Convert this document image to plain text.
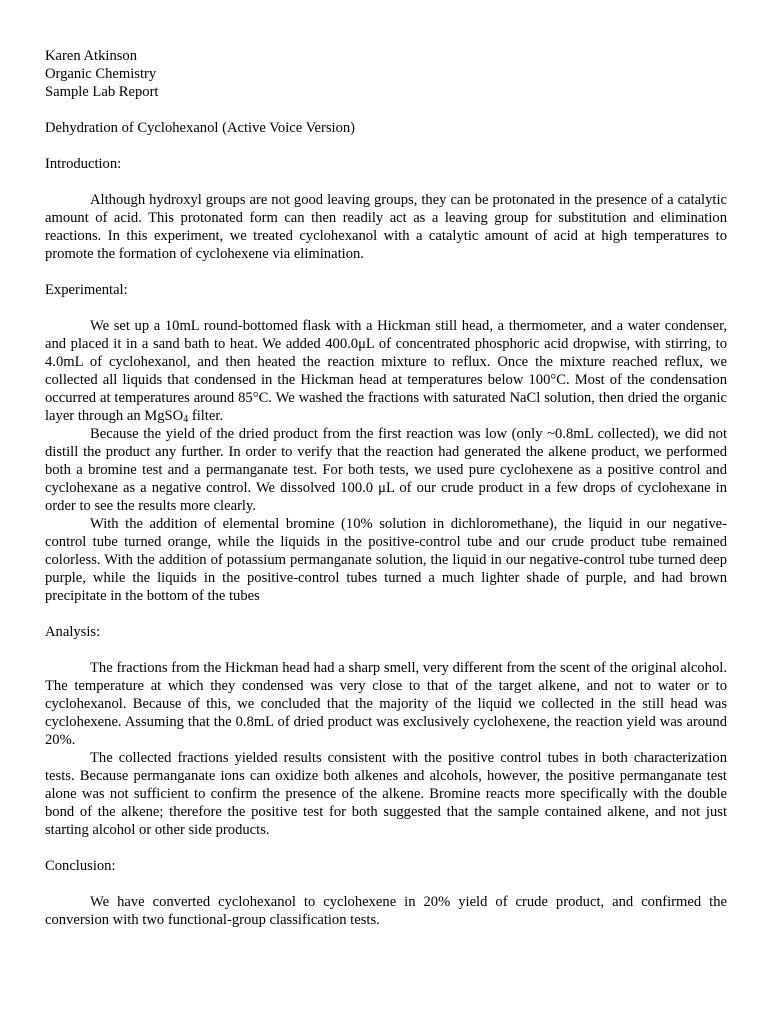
Karen Atkinson
Organic Chemistry
Sample Lab Report
Dehydration of Cyclohexanol (Active Voice Version)
Introduction:

Although hydroxyl groups are not good leaving groups, they can be protonated in the presence of a catalytic amount of acid. This protonated form can then readily act as a leaving group for substitution and elimination reactions. In this experiment, we treated cyclohexanol with a catalytic amount of acid at high temperatures to promote the formation of cyclohexene via elimination.

Experimental:

We set up a 10mL round-bottomed flask with a Hickman still head, a thermometer, and a water condenser, and placed it in a sand bath to heat. We added 400.0μL of concentrated phosphoric acid dropwise, with stirring, to 4.0mL of cyclohexanol, and then heated the reaction mixture to reflux. Once the mixture reached reflux, we collected all liquids that condensed in the Hickman head at temperatures below 100°C. Most of the condensation occurred at temperatures around 85°C. We washed the fractions with saturated NaCl solution, then dried the organic layer through an MgSO$_4$ filter.

Because the yield of the dried product from the first reaction was low (only ~0.8mL collected), we did not distill the product any further. In order to verify that the reaction had generated the alkene product, we performed both a bromine test and a permanganate test. For both tests, we used pure cyclohexene as a positive control and cyclohexane as a negative control. We dissolved 100.0 μL of our crude product in a few drops of cyclohexane in order to see the results more clearly.

With the addition of elemental bromine (10% solution in dichloromethane), the liquid in our negative-control tube turned orange, while the liquids in the positive-control tube and our crude product tube remained colorless. With the addition of potassium permanganate solution, the liquid in our negative-control tube turned deep purple, while the liquids in the positive-control tubes turned a much lighter shade of purple, and had brown precipitate in the bottom of the tubes

Analysis:

The fractions from the Hickman head had a sharp smell, very different from the scent of the original alcohol. The temperature at which they condensed was very close to that of the target alkene, and not to water or to cyclohexanol. Because of this, we concluded that the majority of the liquid we collected in the still head was cyclohexene. Assuming that the 0.8mL of dried product was exclusively cyclohexene, the reaction yield was around 20%.

The collected fractions yielded results consistent with the positive control tubes in both characterization tests. Because permanganate ions can oxidize both alkenes and alcohols, however, the positive permanganate test alone was not sufficient to confirm the presence of the alkene. Bromine reacts more specifically with the double bond of the alkene; therefore the positive test for both suggested that the sample contained alkene, and not just starting alcohol or other side products.

Conclusion:

We have converted cyclohexanol to cyclohexene in 20% yield of crude product, and confirmed the conversion with two functional-group classification tests.
